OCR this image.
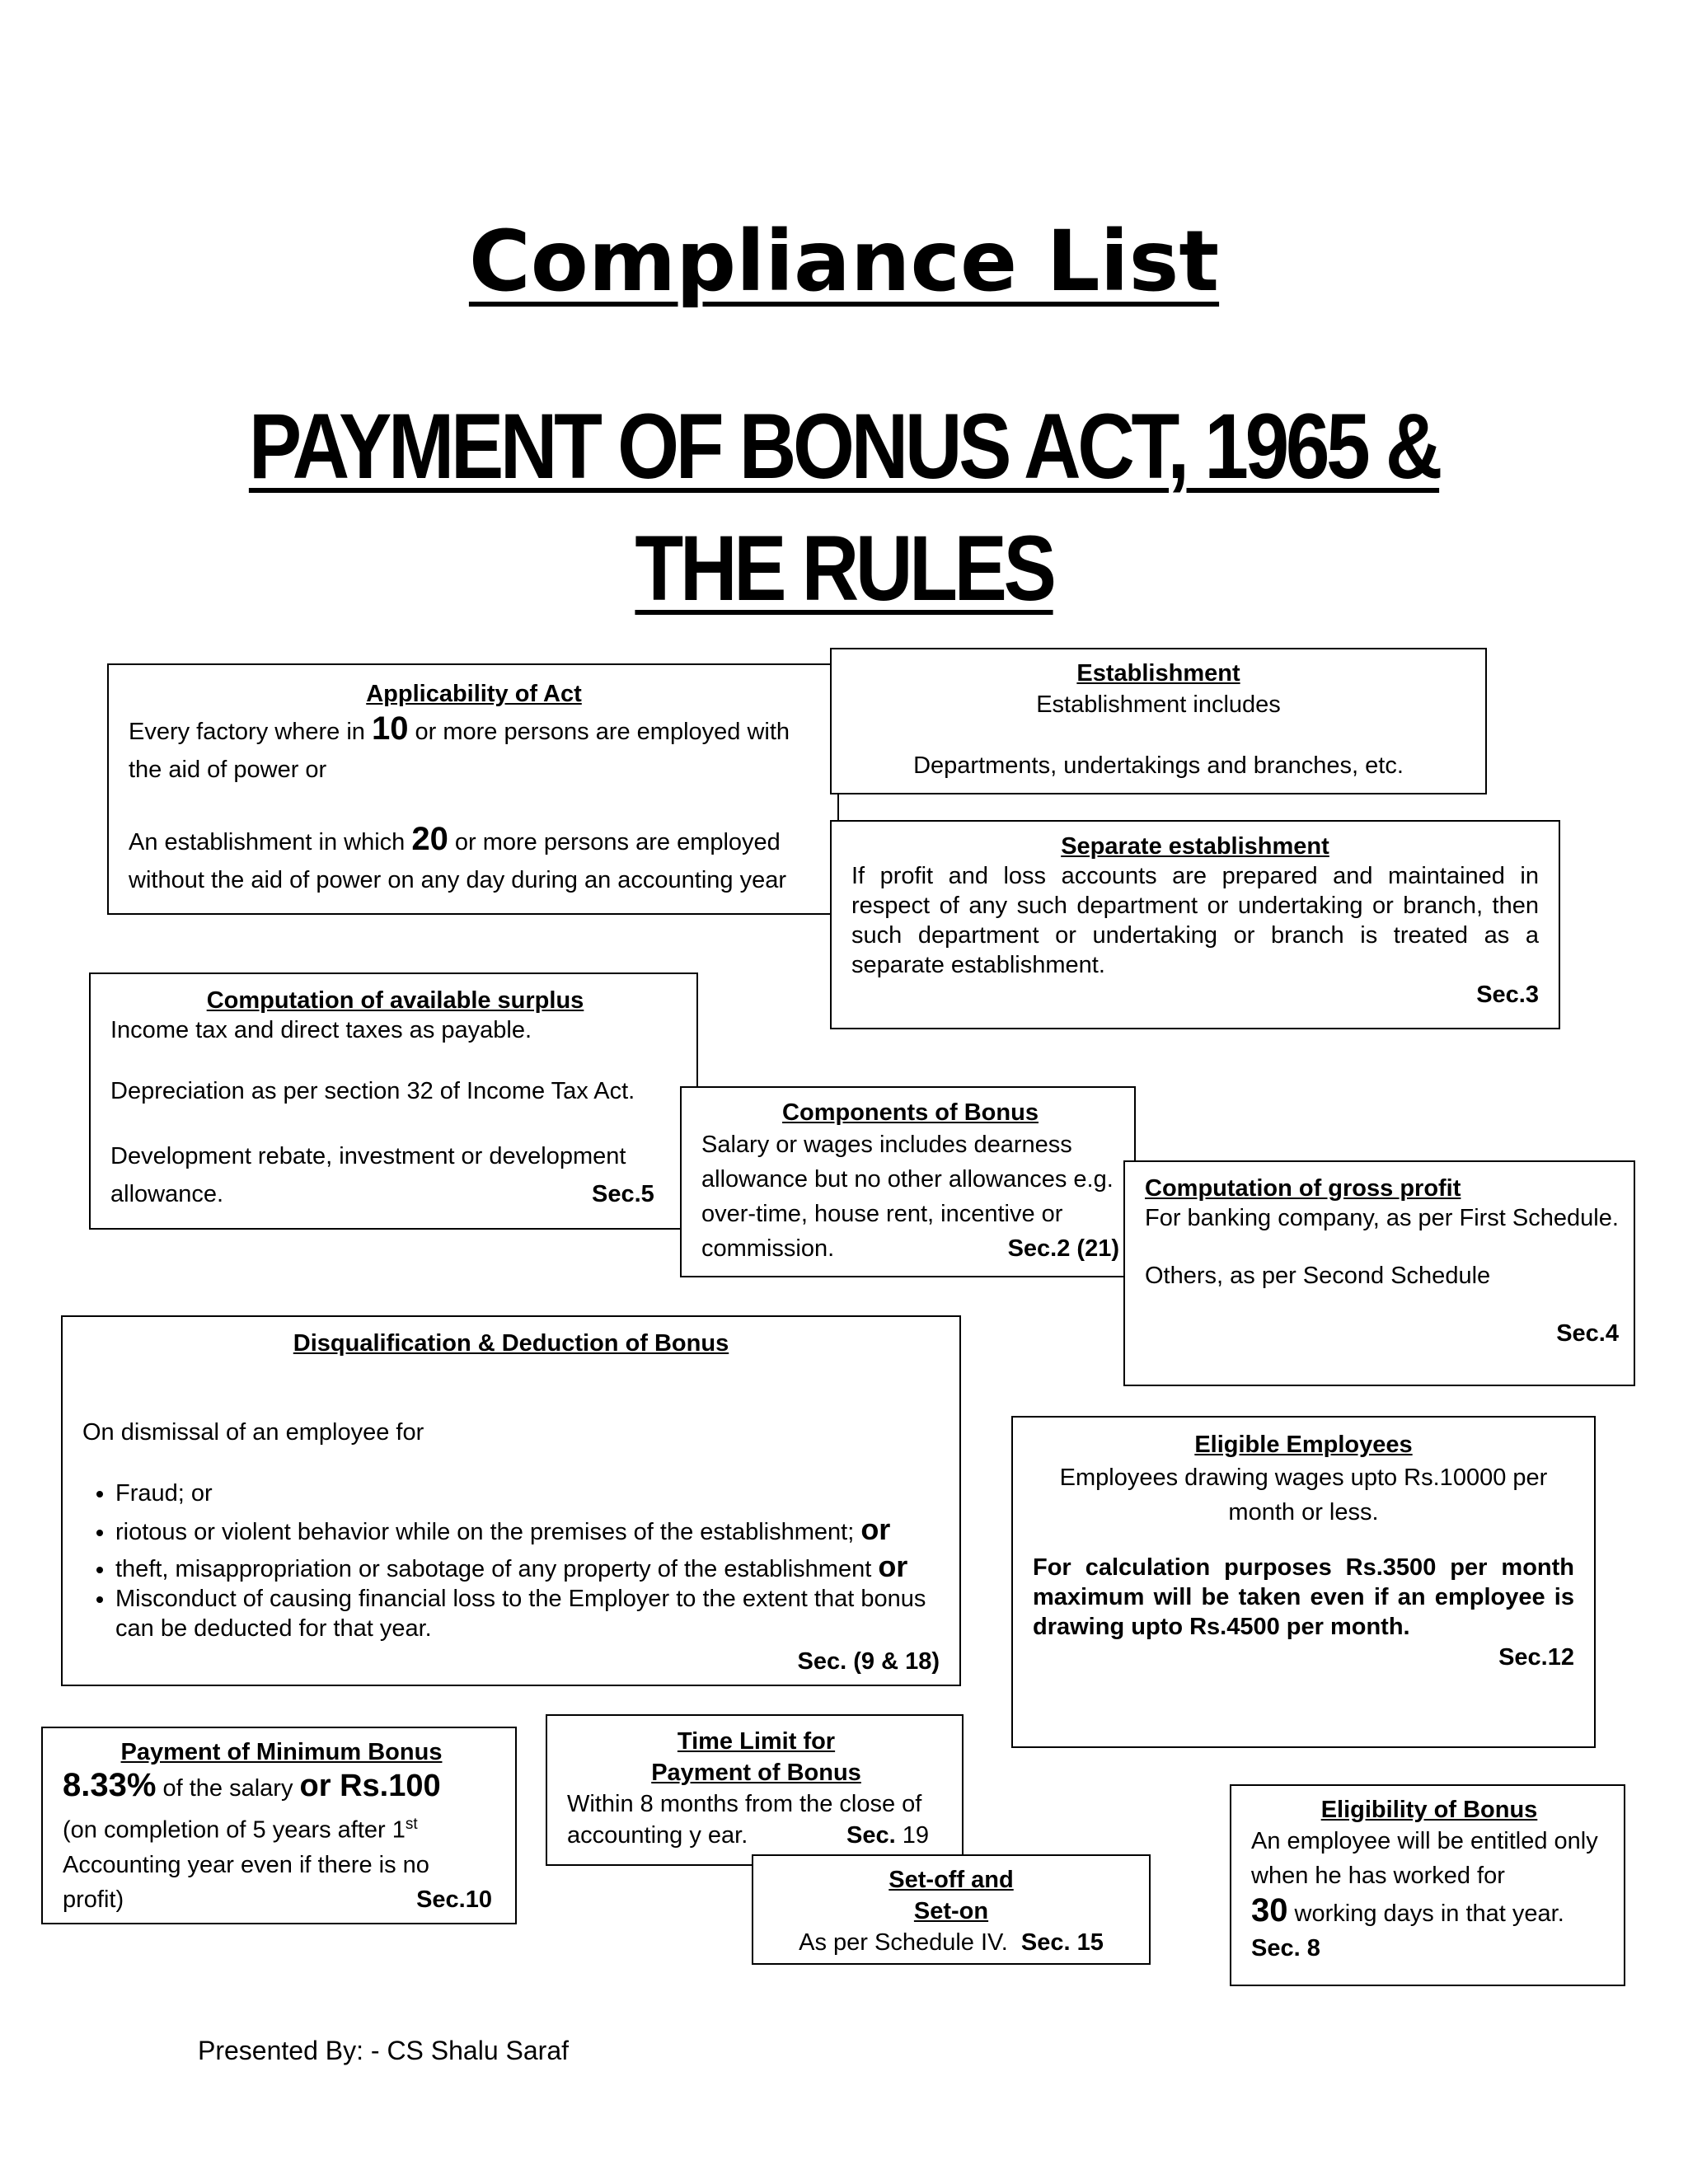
Compliance List
PAYMENT OF BONUS ACT, 1965 &
THE RULES
Applicability of Act

Every factory where in 10 or more persons are employed with the aid of power or

An establishment in which 20 or more persons are employed without the aid of power on any day during an accounting year

Establishment

Establishment includes

Departments, undertakings and branches, etc.

Separate establishment

If profit and loss accounts are prepared and maintained in respect of any such department or undertaking or branch, then such department or undertaking or branch is treated as a separate establishment.

Sec.3

Computation of available surplus

Income tax and direct taxes as payable.

Depreciation as per section 32 of Income Tax Act.

Development rebate, investment or development allowance.	Sec.5
Components of Bonus

Salary or wages includes dearness allowance but no other allowances e.g. over-time, house rent, incentive or commission.	Sec.2 (21)
Computation of gross profit

For banking company, as per First Schedule.

Others, as per Second Schedule

Sec.4

Disqualification & Deduction of Bonus

On dismissal of an employee for

• Fraud; or
• riotous or violent behavior while on the premises of the establishment; or
• theft, misappropriation or sabotage of any property of the establishment or
• Misconduct of causing financial loss to the Employer to the extent that bonus can be deducted for that year.

Sec. (9 & 18)

Eligible Employees

Employees drawing wages upto Rs.10000 per month or less.

For calculation purposes Rs.3500 per month maximum will be taken even if an employee is drawing upto Rs.4500 per month.

Sec.12

Payment of Minimum Bonus

8.33% of the salary or Rs.100

(on completion of 5 years after 1st Accounting year even if there is no profit)	Sec.10
Time Limit for
Payment of Bonus

Within 8 months from the close of accounting y ear.	Sec. 19
Set-off and
Set-on

As per Schedule IV. Sec. 15

Eligibility of Bonus

An employee will be entitled only when he has worked for
30 working days in that year.

Sec. 8

Presented By: - CS Shalu Saraf
